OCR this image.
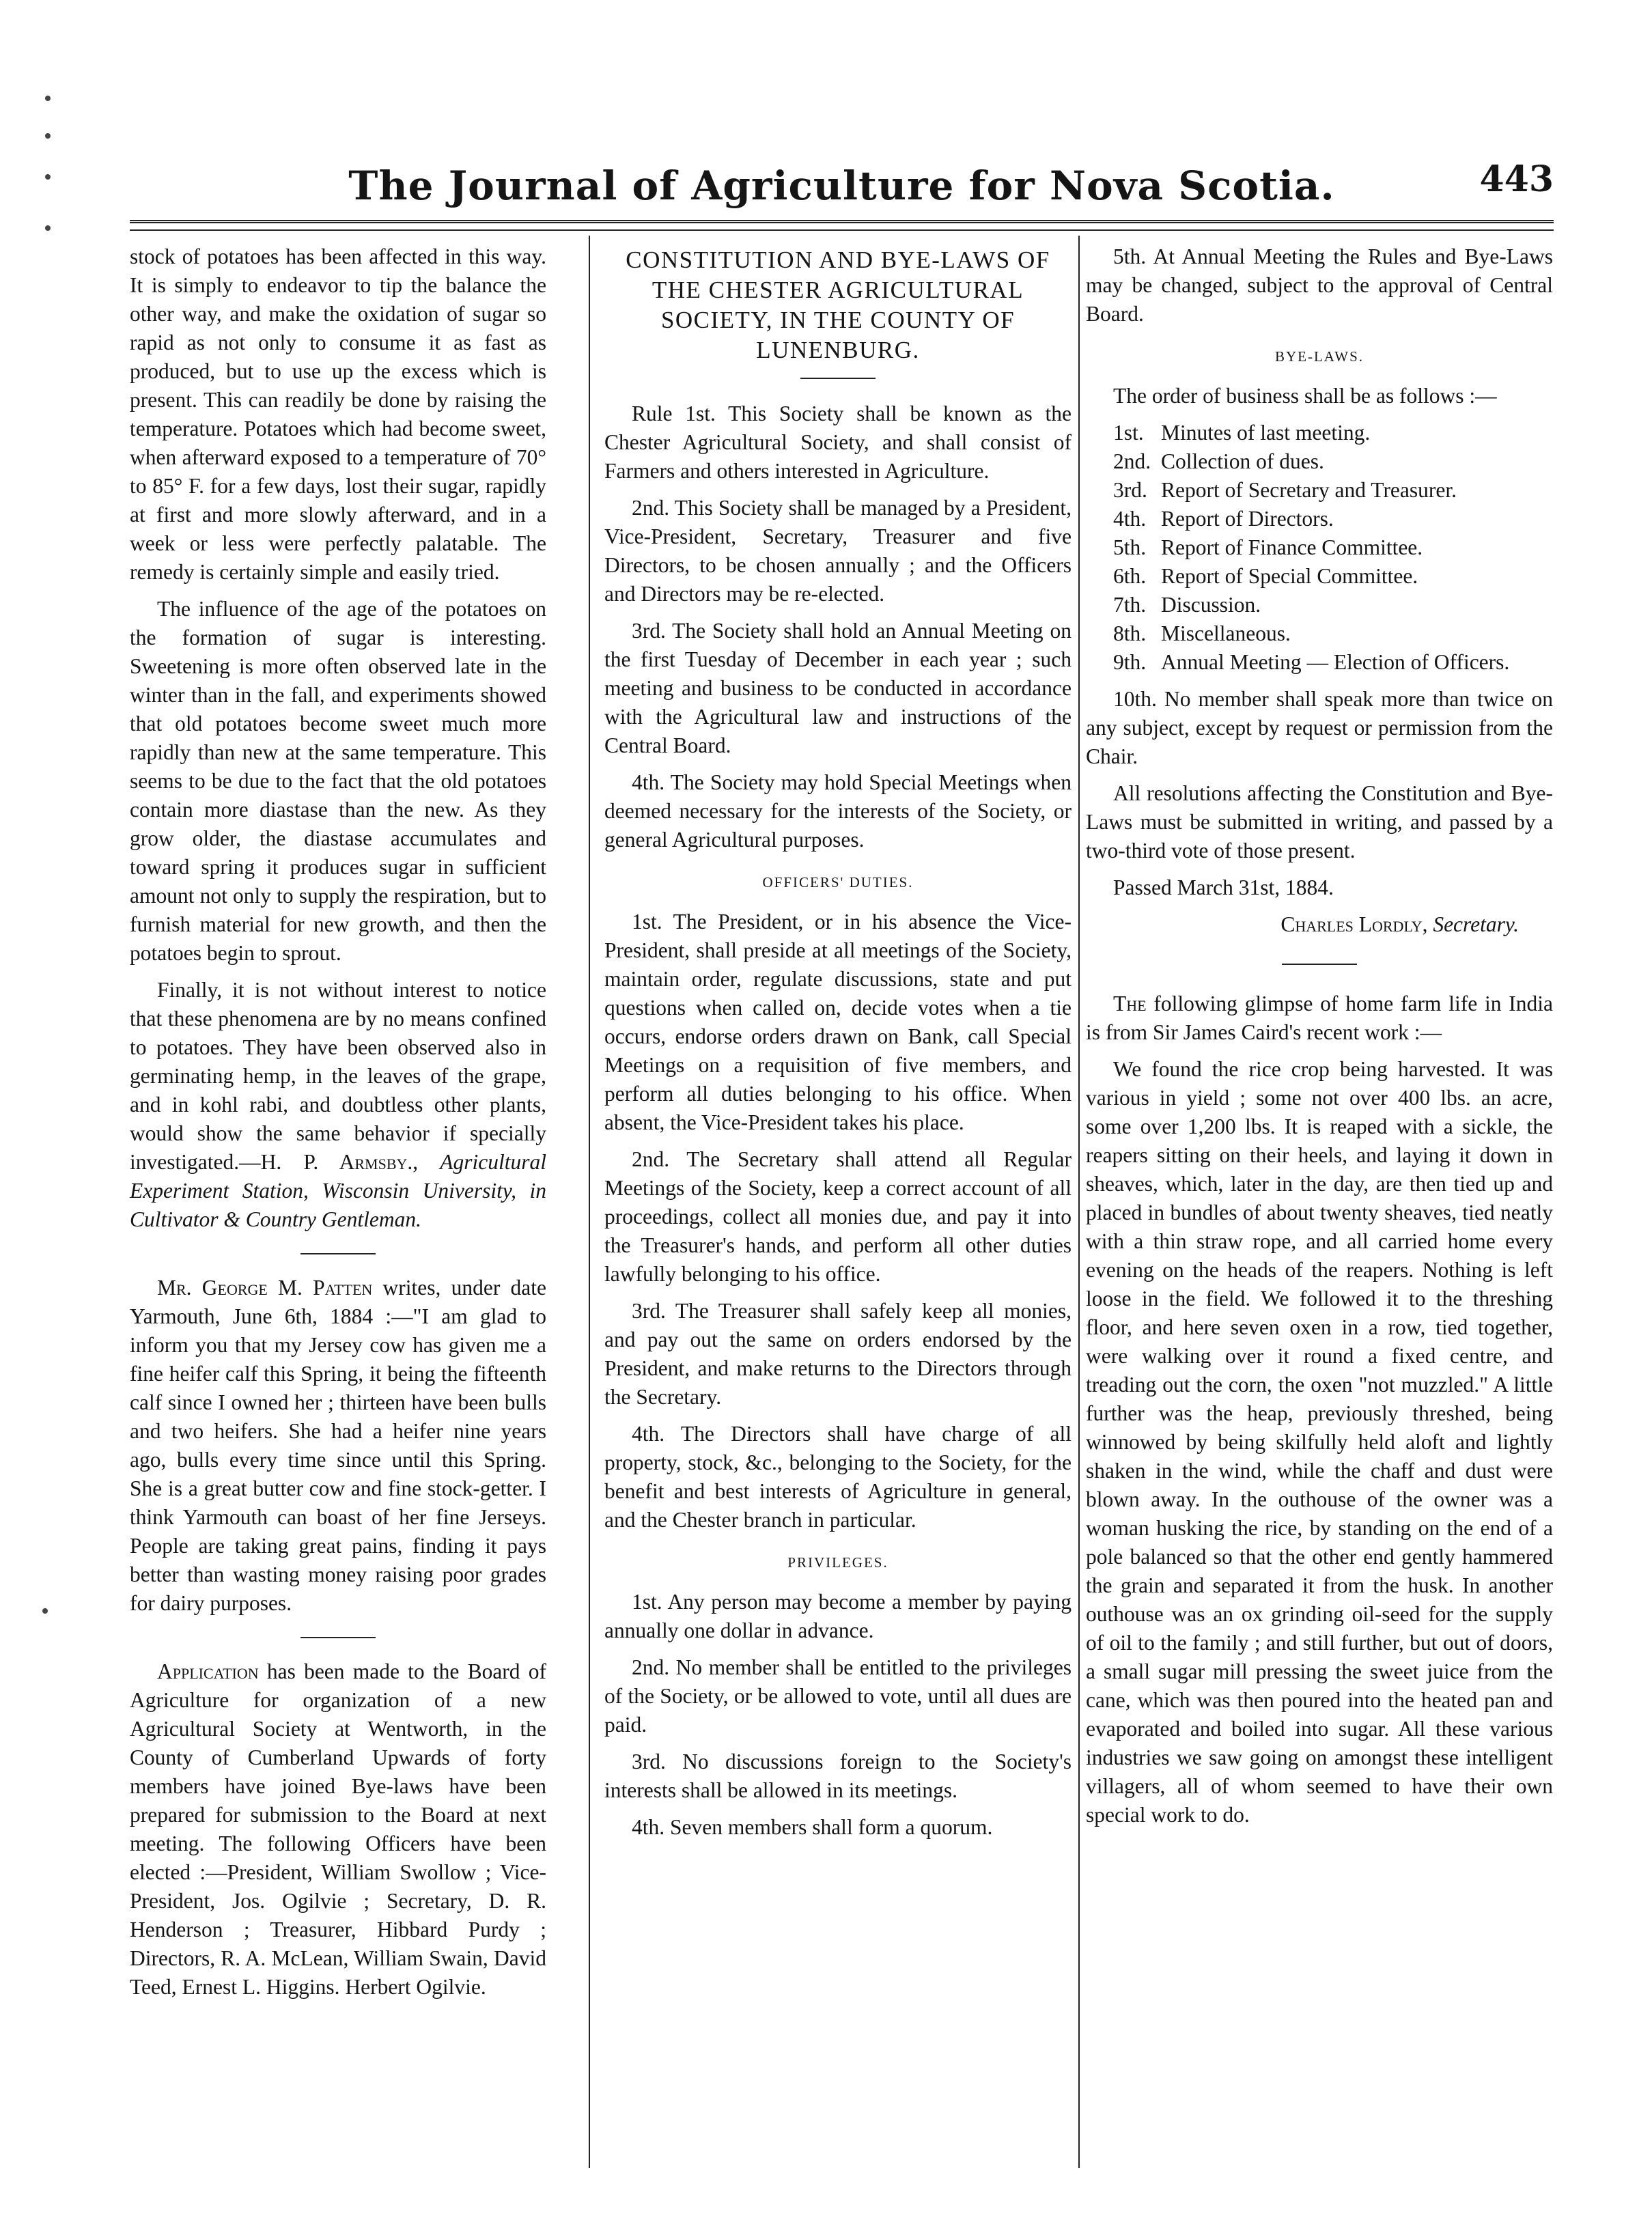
The Journal of Agriculture for Nova Scotia.	443

stock of potatoes has been affected in this way. It is simply to endeavor to tip the balance the other way, and make the oxidation of sugar so rapid as not only to consume it as fast as produced, but to use up the excess which is present. This can readily be done by raising the temperature. Potatoes which had become sweet, when afterward exposed to a temperature of 70° to 85° F. for a few days, lost their sugar, rapidly at first and more slowly afterward, and in a week or less were perfectly palatable. The remedy is certainly simple and easily tried.

The influence of the age of the potatoes on the formation of sugar is interesting. Sweetening is more often observed late in the winter than in the fall, and experiments showed that old potatoes become sweet much more rapidly than new at the same temperature. This seems to be due to the fact that the old potatoes contain more diastase than the new. As they grow older, the diastase accumulates and toward spring it produces sugar in sufficient amount not only to supply the respiration, but to furnish material for new growth, and then the potatoes begin to sprout.

Finally, it is not without interest to notice that these phenomena are by no means confined to potatoes. They have been observed also in germinating hemp, in the leaves of the grape, and in kohl rabi, and doubtless other plants, would show the same behavior if specially investigated.—H. P. Armsby., Agricultural Experiment Station, Wisconsin University, in Cultivator & Country Gentleman.

Mr. George M. Patten writes, under date Yarmouth, June 6th, 1884 :—"I am glad to inform you that my Jersey cow has given me a fine heifer calf this Spring, it being the fifteenth calf since I owned her ; thirteen have been bulls and two heifers. She had a heifer nine years ago, bulls every time since until this Spring. She is a great butter cow and fine stock-getter. I think Yarmouth can boast of her fine Jerseys. People are taking great pains, finding it pays better than wasting money raising poor grades for dairy purposes.

Application has been made to the Board of Agriculture for organization of a new Agricultural Society at Wentworth, in the County of Cumberland Upwards of forty members have joined Bye-laws have been prepared for submission to the Board at next meeting. The following Officers have been elected :—President, William Swollow ; Vice-President, Jos. Ogilvie ; Secretary, D. R. Henderson ; Treasurer, Hibbard Purdy ; Directors, R. A. McLean, William Swain, David Teed, Ernest L. Higgins. Herbert Ogilvie.

CONSTITUTION AND BYE-LAWS OF THE CHESTER AGRICULTURAL SOCIETY, IN THE COUNTY OF LUNENBURG.

Rule 1st. This Society shall be known as the Chester Agricultural Society, and shall consist of Farmers and others interested in Agriculture.

2nd. This Society shall be managed by a President, Vice-President, Secretary, Treasurer and five Directors, to be chosen annually ; and the Officers and Directors may be re-elected.

3rd. The Society shall hold an Annual Meeting on the first Tuesday of December in each year ; such meeting and business to be conducted in accordance with the Agricultural law and instructions of the Central Board.

4th. The Society may hold Special Meetings when deemed necessary for the interests of the Society, or general Agricultural purposes.

OFFICERS' DUTIES.

1st. The President, or in his absence the Vice-President, shall preside at all meetings of the Society, maintain order, regulate discussions, state and put questions when called on, decide votes when a tie occurs, endorse orders drawn on Bank, call Special Meetings on a requisition of five members, and perform all duties belonging to his office. When absent, the Vice-President takes his place.

2nd. The Secretary shall attend all Regular Meetings of the Society, keep a correct account of all proceedings, collect all monies due, and pay it into the Treasurer's hands, and perform all other duties lawfully belonging to his office.

3rd. The Treasurer shall safely keep all monies, and pay out the same on orders endorsed by the President, and make returns to the Directors through the Secretary.

4th. The Directors shall have charge of all property, stock, &c., belonging to the Society, for the benefit and best interests of Agriculture in general, and the Chester branch in particular.

PRIVILEGES.

1st. Any person may become a member by paying annually one dollar in advance.

2nd. No member shall be entitled to the privileges of the Society, or be allowed to vote, until all dues are paid.

3rd. No discussions foreign to the Society's interests shall be allowed in its meetings.

4th. Seven members shall form a quorum.

5th. At Annual Meeting the Rules and Bye-Laws may be changed, subject to the approval of Central Board.

BYE-LAWS.

The order of business shall be as follows :—

1st. Minutes of last meeting.
2nd. Collection of dues.
3rd. Report of Secretary and Treasurer.
4th. Report of Directors.
5th. Report of Finance Committee.
6th. Report of Special Committee.
7th. Discussion.
8th. Miscellaneous.
9th. Annual Meeting — Election of Officers.

10th. No member shall speak more than twice on any subject, except by request or permission from the Chair.

All resolutions affecting the Constitution and Bye-Laws must be submitted in writing, and passed by a two-third vote of those present.

Passed March 31st, 1884.

Charles Lordly, Secretary.

The following glimpse of home farm life in India is from Sir James Caird's recent work :—

We found the rice crop being harvested. It was various in yield ; some not over 400 lbs. an acre, some over 1,200 lbs. It is reaped with a sickle, the reapers sitting on their heels, and laying it down in sheaves, which, later in the day, are then tied up and placed in bundles of about twenty sheaves, tied neatly with a thin straw rope, and all carried home every evening on the heads of the reapers. Nothing is left loose in the field. We followed it to the threshing floor, and here seven oxen in a row, tied together, were walking over it round a fixed centre, and treading out the corn, the oxen "not muzzled." A little further was the heap, previously threshed, being winnowed by being skilfully held aloft and lightly shaken in the wind, while the chaff and dust were blown away. In the outhouse of the owner was a woman husking the rice, by standing on the end of a pole balanced so that the other end gently hammered the grain and separated it from the husk. In another outhouse was an ox grinding oil-seed for the supply of oil to the family ; and still further, but out of doors, a small sugar mill pressing the sweet juice from the cane, which was then poured into the heated pan and evaporated and boiled into sugar. All these various industries we saw going on amongst these intelligent villagers, all of whom seemed to have their own special work to do.
